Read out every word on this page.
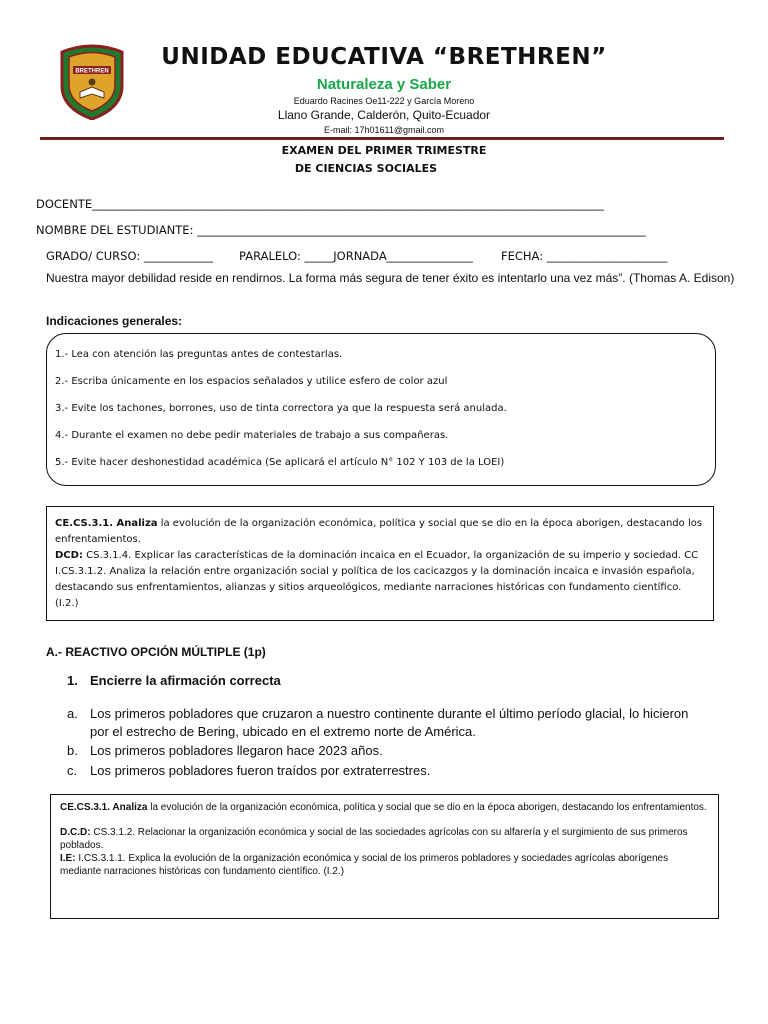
BRETHREN
UNIDAD EDUCATIVA “BRETHREN”
Naturaleza y Saber
Eduardo Racines Oe11-222 y García Moreno
Llano Grande, Calderón, Quito-Ecuador
E-mail: 17h01611@gmail.com
EXAMEN DEL PRIMER TRIMESTRE
DE CIENCIAS SOCIALES
DOCENTE_________________________________________________________________________________________
NOMBRE DEL ESTUDIANTE: ______________________________________________________________________________
GRADO/ CURSO: ____________ PARALELO: _____JORNADA_______________ FECHA: _____________________
Nuestra mayor debilidad reside en rendirnos. La forma más segura de tener éxito es intentarlo una vez más”. (Thomas A. Edison)
Indicaciones generales:
1.- Lea con atención las preguntas antes de contestarlas.
2.- Escriba únicamente en los espacios señalados y utilice esfero de color azul
3.- Evite los tachones, borrones, uso de tinta correctora ya que la respuesta será anulada.
4.- Durante el examen no debe pedir materiales de trabajo a sus compañeras.
5.- Evite hacer deshonestidad académica (Se aplicará el artículo N° 102 Y 103 de la LOEI)
CE.CS.3.1. Analiza la evolución de la organización económica, política y social que se dio en la época aborigen, destacando los enfrentamientos.
DCD: CS.3.1.4. Explicar las características de la dominación incaica en el Ecuador, la organización de su imperio y sociedad. CC I.CS.3.1.2. Analiza la relación entre organización social y política de los cacicazgos y la dominación incaica e invasión española, destacando sus enfrentamientos, alianzas y sitios arqueológicos, mediante narraciones históricas con fundamento científico. (I.2.)
A.- REACTIVO OPCIÓN MÚLTIPLE (1p)
1. Encierre la afirmación correcta
a. Los primeros pobladores que cruzaron a nuestro continente durante el último período glacial, lo hicieron por el estrecho de Bering, ubicado en el extremo norte de América.
b. Los primeros pobladores llegaron hace 2023 años.
c. Los primeros pobladores fueron traídos por extraterrestres.

CE.CS.3.1. Analiza la evolución de la organización económica, política y social que se dio en la época aborigen, destacando los enfrentamientos.

D.C.D: CS.3.1.2. Relacionar la organización económica y social de las sociedades agrícolas con su alfarería y el surgimiento de sus primeros poblados.

I.E: I.CS.3.1.1. Explica la evolución de la organización económica y social de los primeros pobladores y sociedades agrícolas aborígenes mediante narraciones históricas con fundamento científico. (I.2.)
